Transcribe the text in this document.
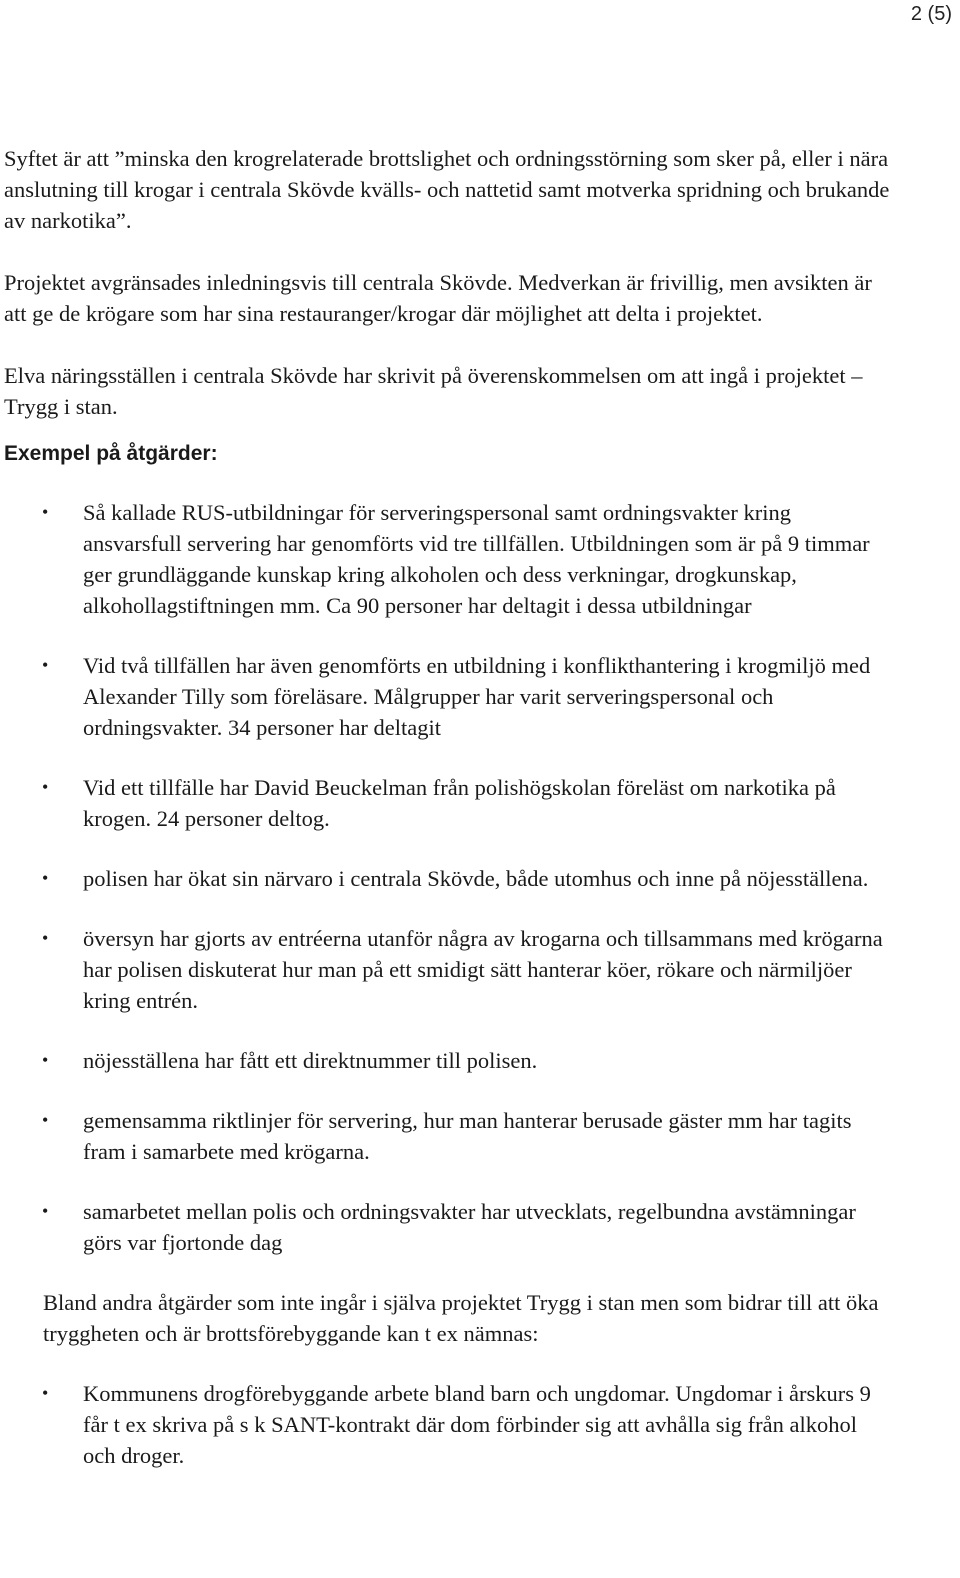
2 (5)

Syftet är att ”minska den krogrelaterade brottslighet och ordningsstörning som sker på, eller i nära anslutning till krogar i centrala Skövde kvälls- och nattetid samt motverka spridning och brukande av narkotika”.

Projektet avgränsades inledningsvis till centrala Skövde. Medverkan är frivillig, men avsikten är att ge de krögare som har sina restauranger/krogar där möjlighet att delta i projektet.

Elva näringsställen i centrala Skövde har skrivit på överenskommelsen om att ingå i projektet – Trygg i stan.

Exempel på åtgärder:
• Så kallade RUS-utbildningar för serveringspersonal samt ordningsvakter kring ansvarsfull servering har genomförts vid tre tillfällen. Utbildningen som är på 9 timmar ger grundläggande kunskap kring alkoholen och dess verkningar, drogkunskap, alkohollagstiftningen mm. Ca 90 personer har deltagit i dessa utbildningar
• Vid två tillfällen har även genomförts en utbildning i konflikthantering i krogmiljö med Alexander Tilly som föreläsare. Målgrupper har varit serveringspersonal och ordningsvakter. 34 personer har deltagit
• Vid ett tillfälle har David Beuckelman från polishögskolan föreläst om narkotika på krogen. 24 personer deltog.
• polisen har ökat sin närvaro i centrala Skövde, både utomhus och inne på nöjesställena.
• översyn har gjorts av entréerna utanför några av krogarna och tillsammans med krögarna har polisen diskuterat hur man på ett smidigt sätt hanterar köer, rökare och närmiljöer kring entrén.
• nöjesställena har fått ett direktnummer till polisen.
• gemensamma riktlinjer för servering, hur man hanterar berusade gäster mm har tagits fram i samarbete med krögarna.
• samarbetet mellan polis och ordningsvakter har utvecklats, regelbundna avstämningar görs var fjortonde dag

Bland andra åtgärder som inte ingår i själva projektet Trygg i stan men som bidrar till att öka tryggheten och är brottsförebyggande kan t ex nämnas:

• Kommunens drogförebyggande arbete bland barn och ungdomar. Ungdomar i årskurs 9 får t ex skriva på s k SANT-kontrakt där dom förbinder sig att avhålla sig från alkohol och droger.
